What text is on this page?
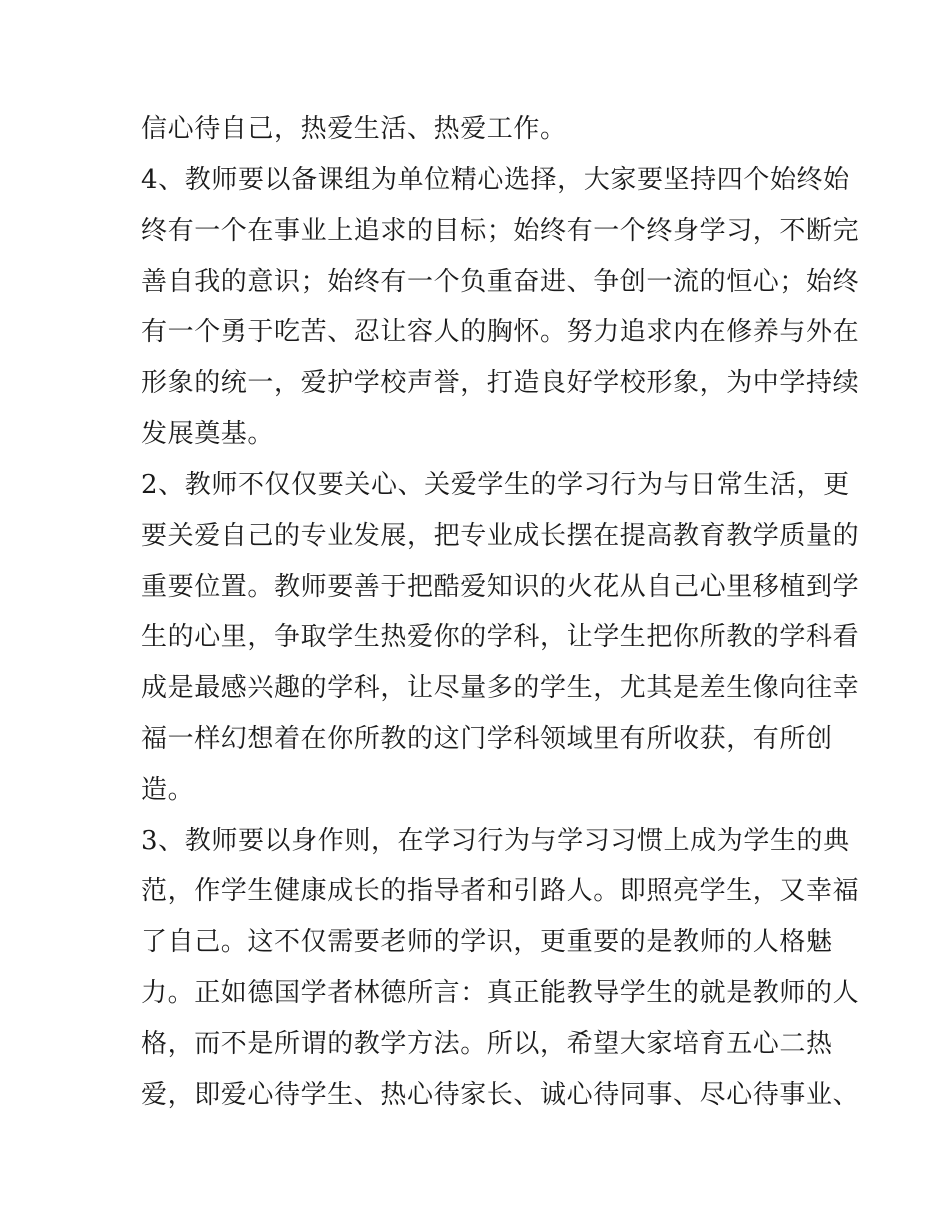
信心待自己，热爱生活、热爱工作。
4、教师要以备课组为单位精心选择，大家要坚持四个始终始
终有一个在事业上追求的目标；始终有一个终身学习，不断完
善自我的意识；始终有一个负重奋进、争创一流的恒心；始终
有一个勇于吃苦、忍让容人的胸怀。努力追求内在修养与外在
形象的统一，爱护学校声誉，打造良好学校形象，为中学持续
发展奠基。
2、教师不仅仅要关心、关爱学生的学习行为与日常生活，更
要关爱自己的专业发展，把专业成长摆在提高教育教学质量的
重要位置。教师要善于把酷爱知识的火花从自己心里移植到学
生的心里，争取学生热爱你的学科，让学生把你所教的学科看
成是最感兴趣的学科，让尽量多的学生，尤其是差生像向往幸
福一样幻想着在你所教的这门学科领域里有所收获，有所创
造。
3、教师要以身作则，在学习行为与学习习惯上成为学生的典
范，作学生健康成长的指导者和引路人。即照亮学生，又幸福
了自己。这不仅需要老师的学识，更重要的是教师的人格魅
力。正如德国学者林德所言：真正能教导学生的就是教师的人
格，而不是所谓的教学方法。所以，希望大家培育五心二热
爱，即爱心待学生、热心待家长、诚心待同事、尽心待事业、
